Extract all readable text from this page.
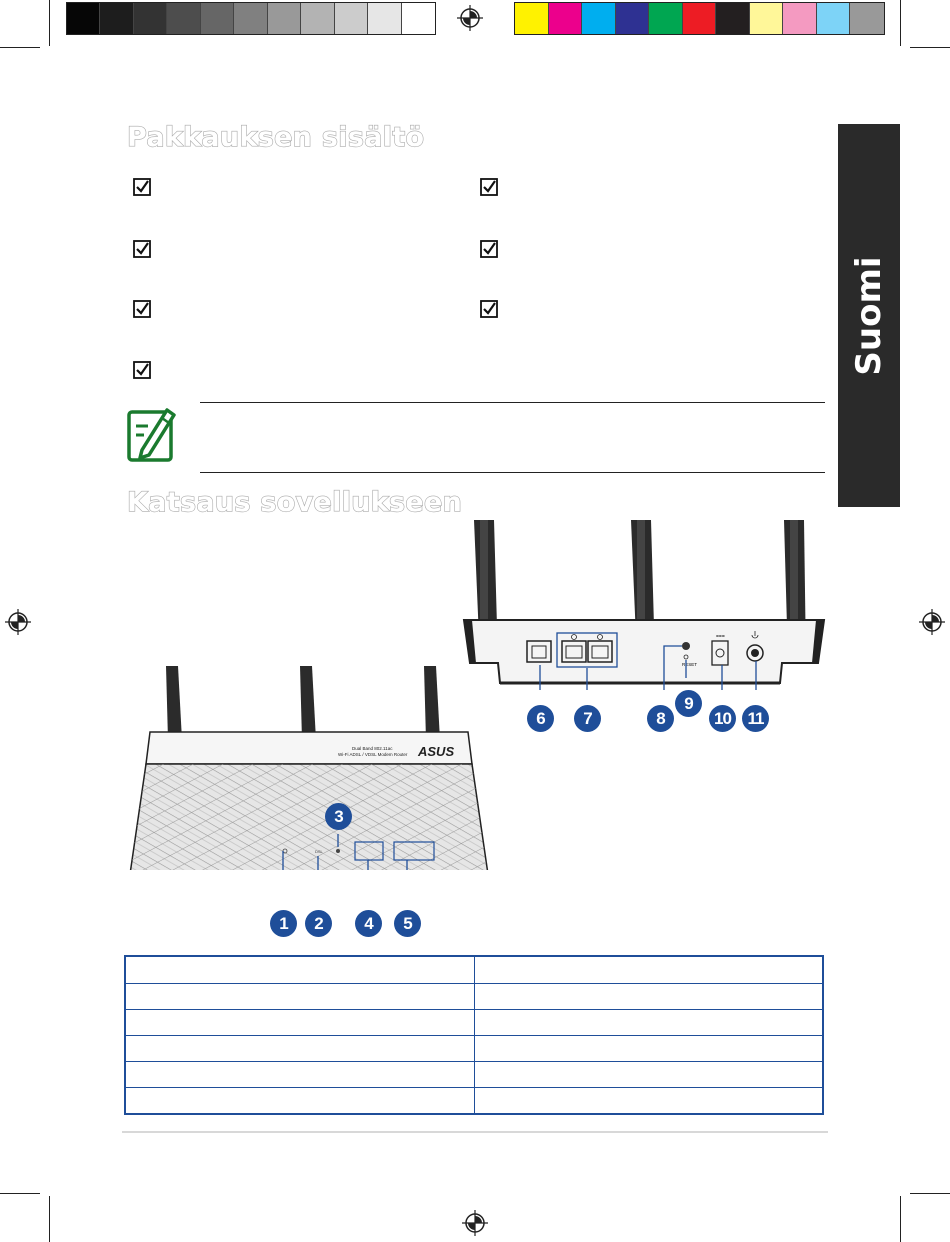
Suomi
Pakkauksen sisältö
Katsaus sovellukseen
RESET
===
Dual Band 802.11ac
Wi-Fi ADSL / VDSL Modem Router ASUS
DSL
6	7	8
9
10 11
1	2
3
4	5
